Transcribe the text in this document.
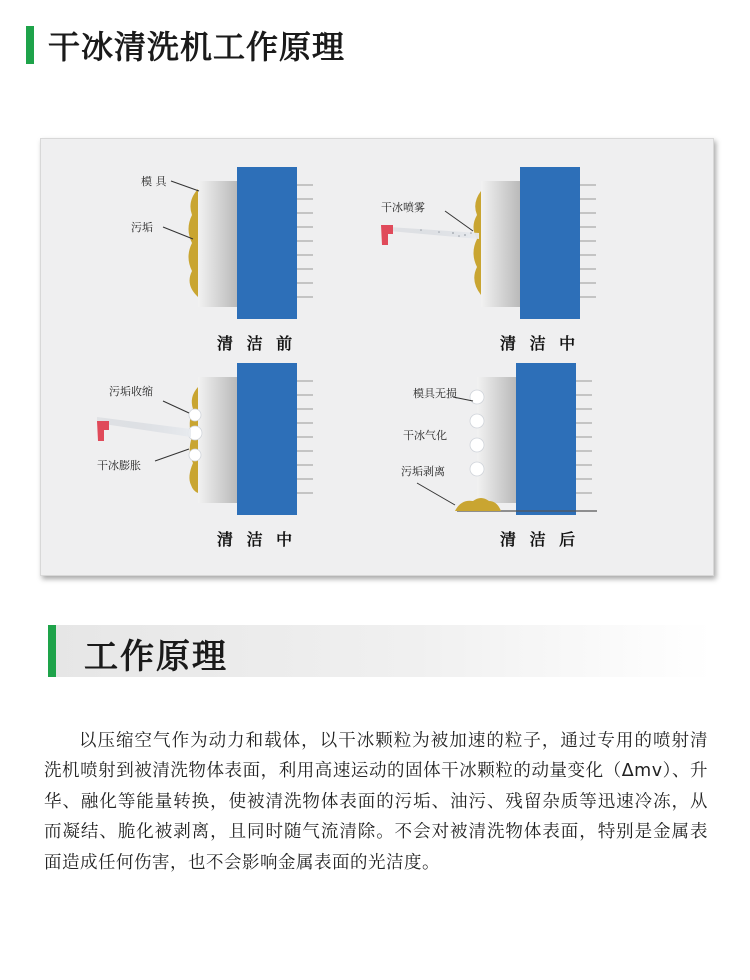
干冰清洗机工作原理
模 具
污垢
清 洁 前
干冰喷雾
清 洁 中
污垢收缩
干冰膨胀
清 洁 中
模具无损
干冰气化
污垢剥离
清 洁 后
工作原理

以压缩空气作为动力和载体，以干冰颗粒为被加速的粒子，通过专用的喷射清洗机喷射到被清洗物体表面，利用高速运动的固体干冰颗粒的动量变化（Δmv）、升华、融化等能量转换，使被清洗物体表面的污垢、油污、残留杂质等迅速冷冻，从而凝结、脆化被剥离，且同时随气流清除。不会对被清洗物体表面，特别是金属表面造成任何伤害，也不会影响金属表面的光洁度。
